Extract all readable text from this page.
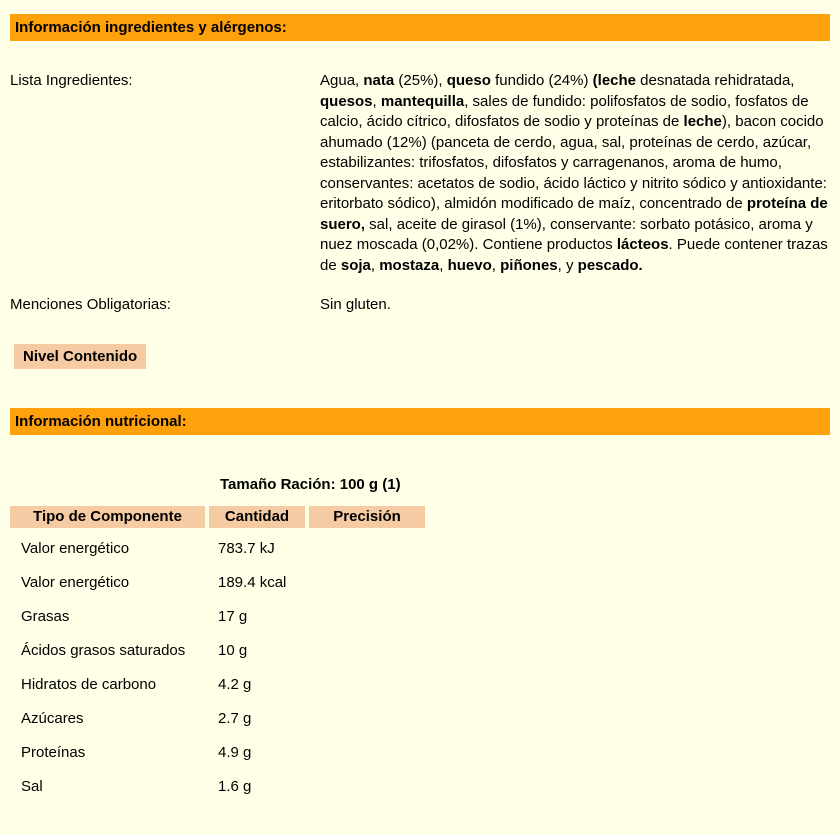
Información ingredientes y alérgenos:
Lista Ingredientes:	Agua, nata (25%), queso fundido (24%) (leche desnatada rehidratada, quesos, mantequilla, sales de fundido: polifosfatos de sodio, fosfatos de calcio, ácido cítrico, difosfatos de sodio y proteínas de leche), bacon cocido ahumado (12%) (panceta de cerdo, agua, sal, proteínas de cerdo, azúcar, estabilizantes: trifosfatos, difosfatos y carragenanos, aroma de humo, conservantes: acetatos de sodio, ácido láctico y nitrito sódico y antioxidante: eritorbato sódico), almidón modificado de maíz, concentrado de proteína de suero, sal, aceite de girasol (1%), conservante: sorbato potásico, aroma y nuez moscada (0,02%). Contiene productos lácteos. Puede contener trazas de soja, mostaza, huevo, piñones, y pescado.
Menciones Obligatorias:	Sin gluten.
Nivel Contenido
Información nutricional:
Tamaño Ración: 100 g (1)
Tipo de Componente	Cantidad	Precisión
Valor energético	783.7 kJ
Valor energético	189.4 kcal
Grasas	17 g
Ácidos grasos saturados	10 g
Hidratos de carbono	4.2 g
Azúcares	2.7 g
Proteínas	4.9 g
Sal	1.6 g
